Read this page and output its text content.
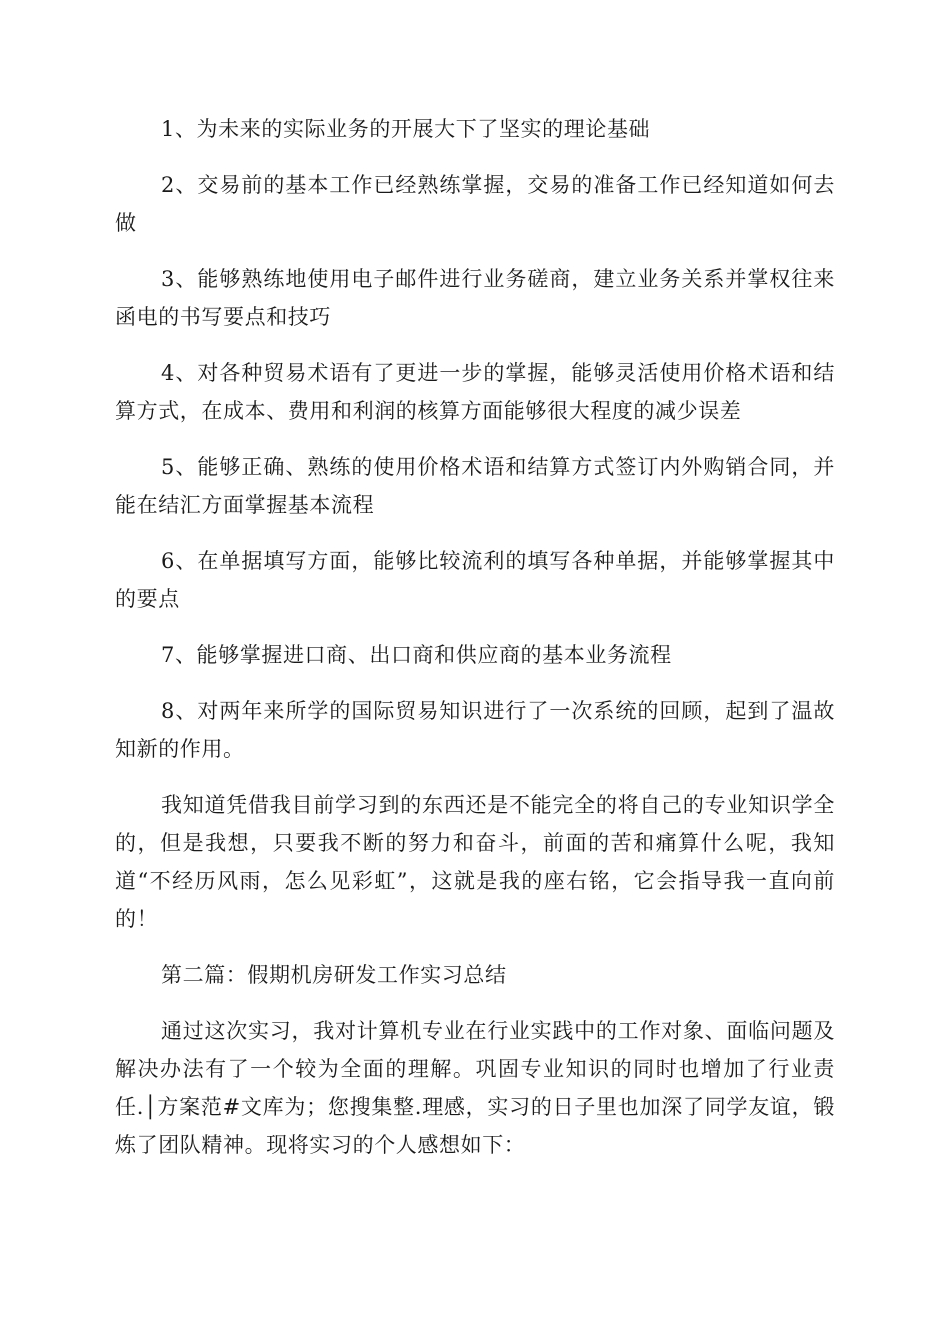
1、为未来的实际业务的开展大下了坚实的理论基础

2、交易前的基本工作已经熟练掌握，交易的准备工作已经知道如何去做

3、能够熟练地使用电子邮件进行业务磋商，建立业务关系并掌权往来函电的书写要点和技巧

4、对各种贸易术语有了更进一步的掌握，能够灵活使用价格术语和结算方式，在成本、费用和利润的核算方面能够很大程度的减少误差

5、能够正确、熟练的使用价格术语和结算方式签订内外购销合同，并能在结汇方面掌握基本流程

6、在单据填写方面，能够比较流利的填写各种单据，并能够掌握其中的要点

7、能够掌握进口商、出口商和供应商的基本业务流程

8、对两年来所学的国际贸易知识进行了一次系统的回顾，起到了温故知新的作用。

我知道凭借我目前学习到的东西还是不能完全的将自己的专业知识学全的，但是我想，只要我不断的努力和奋斗，前面的苦和痛算什么呢，我知道“不经历风雨，怎么见彩虹”，这就是我的座右铭，它会指导我一直向前的！

第二篇：假期机房研发工作实习总结

通过这次实习，我对计算机专业在行业实践中的工作对象、面临问题及解决办法有了一个较为全面的理解。巩固专业知识的同时也增加了行业责任.│方案范#文库为；您搜集整.理感，实习的日子里也加深了同学友谊，锻炼了团队精神。现将实习的个人感想如下：
